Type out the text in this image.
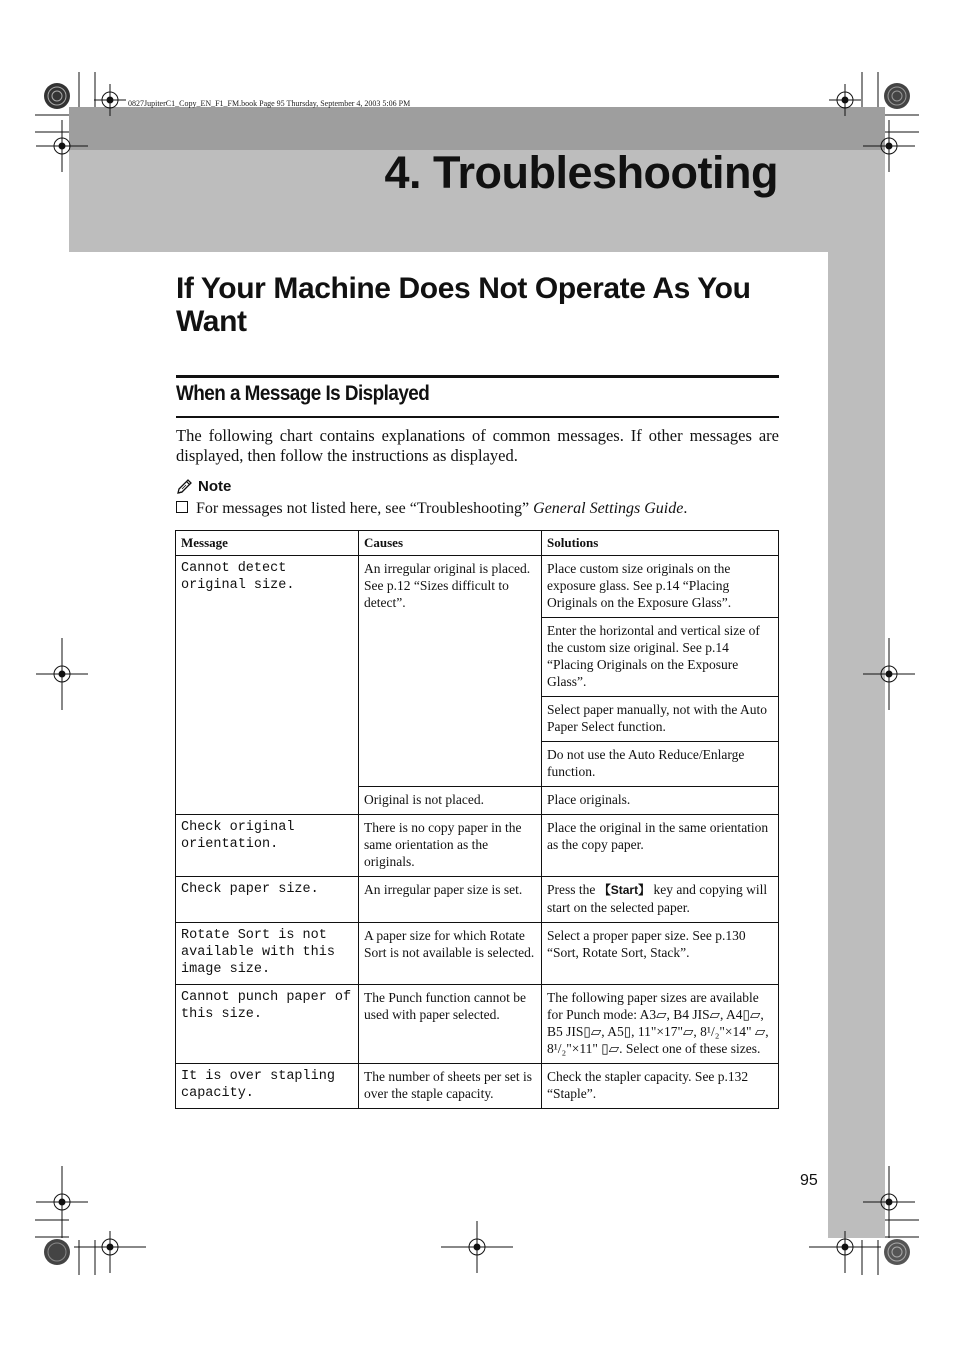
0827JupiterC1_Copy_EN_F1_FM.book Page 95 Thursday, September 4, 2003 5:06 PM
4. Troubleshooting
If Your Machine Does Not Operate As You Want
When a Message Is Displayed

The following chart contains explanations of common messages. If other messages are displayed, then follow the instructions as displayed.

Note
For messages not listed here, see “Troubleshooting” General Settings Guide.
Message	Causes	Solutions
Cannot detect original size.	An irregular original is placed. See p.12 “Sizes difficult to detect”.	Place custom size originals on the exposure glass. See p.14 “Placing Originals on the Exposure Glass”.
		Enter the horizontal and vertical size of the custom size original. See p.14 “Placing Originals on the Exposure Glass”.
		Select paper manually, not with the Auto Paper Select function.
		Do not use the Auto Reduce/Enlarge function.
	Original is not placed.	Place originals.
Check original orientation.	There is no copy paper in the same orientation as the originals.	Place the original in the same orientation as the copy paper.
Check paper size.	An irregular paper size is set.	Press the 【Start】 key and copying will start on the selected paper.
Rotate Sort is not available with this image size.	A paper size for which Rotate Sort is not available is selected.	Select a proper paper size. See p.130 “Sort, Rotate Sort, Stack”.
Cannot punch paper of this size.	The Punch function cannot be used with paper selected.	The following paper sizes are available for Punch mode: A3▱, B4 JIS▱, A4▯▱, B5 JIS▯▱, A5▯, 11"×17"▱, 8¹/₂"×14" ▱, 8¹/₂"×11" ▯▱. Select one of these sizes.
It is over stapling capacity.	The number of sheets per set is over the staple capacity.	Check the stapler capacity. See p.132 “Staple”.
95
